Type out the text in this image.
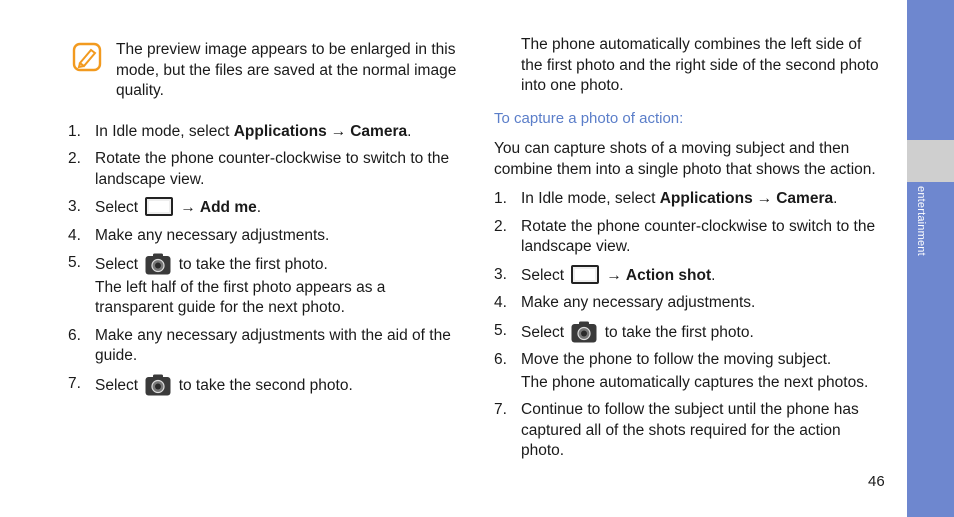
The preview image appears to be enlarged in this mode, but the files are saved at the normal image quality.
1. In Idle mode, select Applications → Camera.
2. Rotate the phone counter-clockwise to switch to the landscape view.
3. Select → Add me.
4. Make any necessary adjustments.
5. Select  to take the first photo.
The left half of the first photo appears as a transparent guide for the next photo.
6. Make any necessary adjustments with the aid of the guide.
7. Select  to take the second photo.
The phone automatically combines the left side of the first photo and the right side of the second photo into one photo.
To capture a photo of action:
You can capture shots of a moving subject and then combine them into a single photo that shows the action.
1. In Idle mode, select Applications → Camera.
2. Rotate the phone counter-clockwise to switch to the landscape view.
3. Select → Action shot.
4. Make any necessary adjustments.
5. Select  to take the first photo.
6. Move the phone to follow the moving subject.
The phone automatically captures the next photos.
7. Continue to follow the subject until the phone has captured all of the shots required for the action photo.
entertainment
46
